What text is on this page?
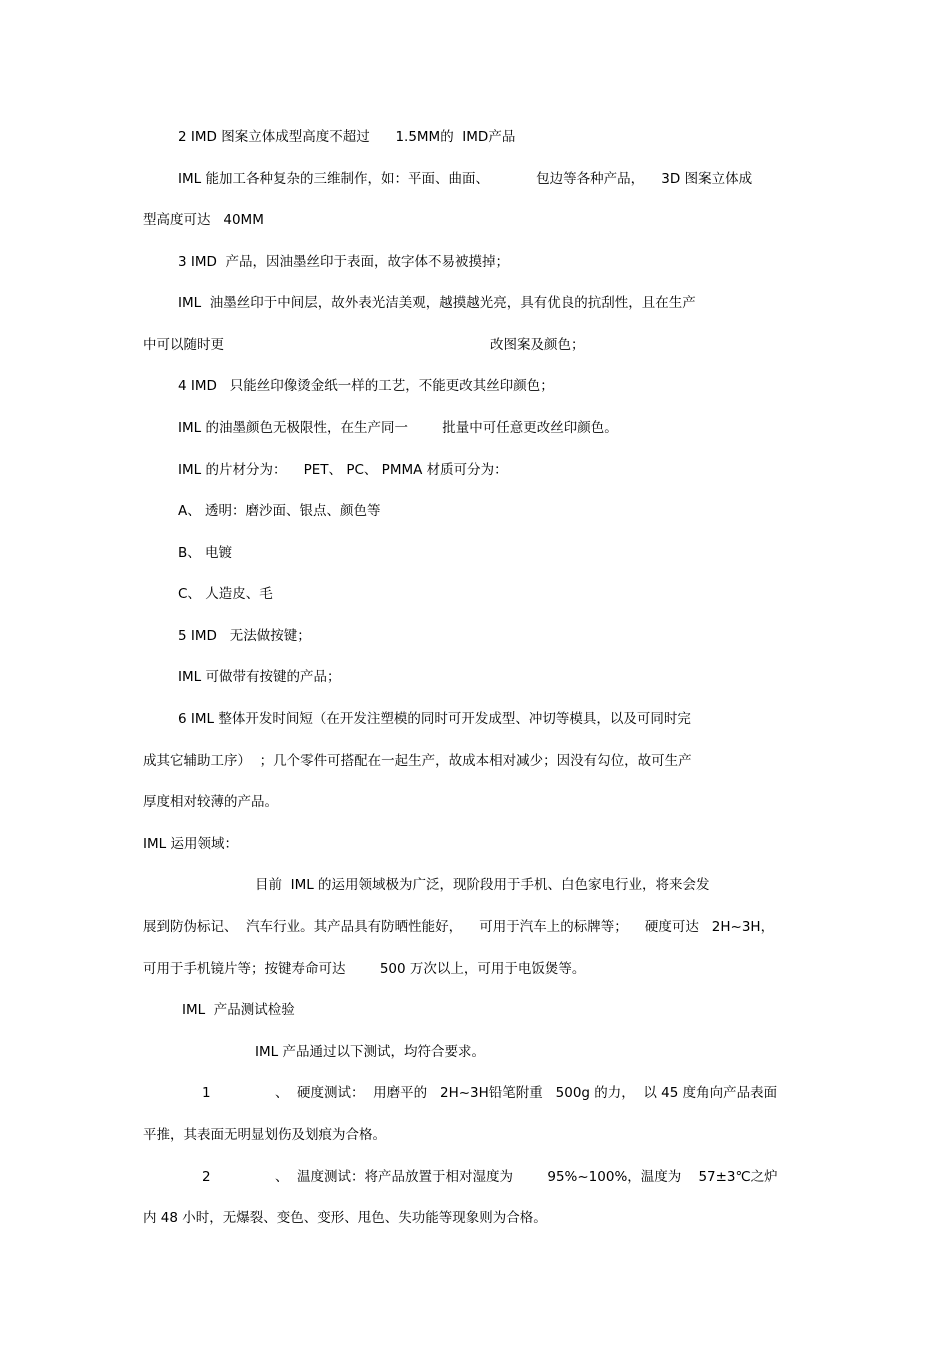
2 IMD 图案立体成型高度不超过      1.5MM的  IMD产品

IML 能加工各种复杂的三维制作，如：平面、曲面、           包边等各种产品，    3D 图案立体成

型高度可达   40MM

3 IMD  产品，因油墨丝印于表面，故字体不易被摸掉；

IML  油墨丝印于中间层，故外表光洁美观，越摸越光亮，具有优良的抗刮性，且在生产

中可以随时更                                                              改图案及颜色；

4 IMD   只能丝印像烫金纸一样的工艺，不能更改其丝印颜色；

IML 的油墨颜色无极限性，在生产同一        批量中可任意更改丝印颜色。

IML 的片材分为：    PET、 PC、 PMMA 材质可分为：

A、 透明：磨沙面、银点、颜色等

B、 电镀

C、 人造皮、毛

5 IMD   无法做按键；

IML 可做带有按键的产品；

6 IML 整体开发时间短（在开发注塑模的同时可开发成型、冲切等模具，以及可同时完

成其它辅助工序）  ；几个零件可搭配在一起生产，故成本相对减少；因没有勾位，故可生产

厚度相对较薄的产品。

IML 运用领域：

目前  IML 的运用领域极为广泛，现阶段用于手机、白色家电行业，将来会发

展到防伪标记、  汽车行业。其产品具有防晒性能好，    可用于汽车上的标牌等；    硬度可达   2H~3H，

可用于手机镜片等；按键寿命可达        500 万次以上，可用于电饭煲等。

IML  产品测试检验

IML 产品通过以下测试，均符合要求。

1               、  硬度测试：  用磨平的   2H~3H铅笔附重   500g 的力，  以 45 度角向产品表面

平推，其表面无明显划伤及划痕为合格。

2               、  温度测试：将产品放置于相对湿度为        95%~100%，温度为    57±3℃之炉

内 48 小时，无爆裂、变色、变形、甩色、失功能等现象则为合格。
